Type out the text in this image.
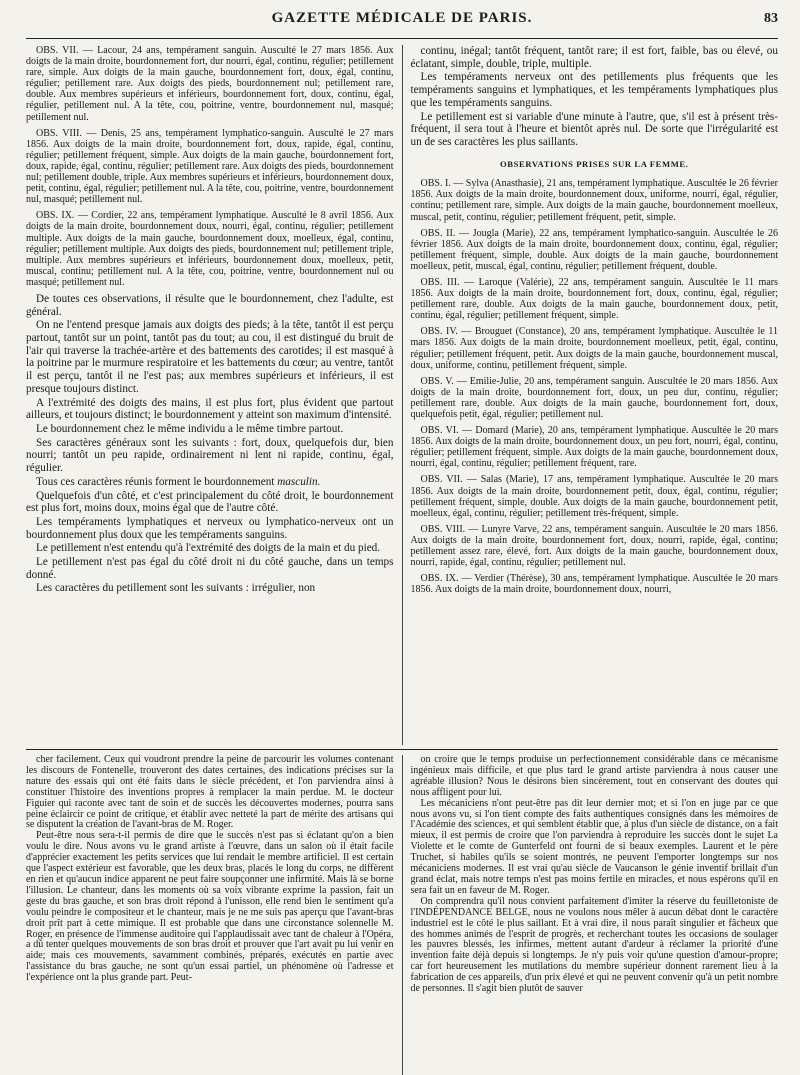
GAZETTE MÉDICALE DE PARIS.	83

OBS. VII. — Lacour, 24 ans, tempérament sanguin. Ausculté le 27 mars 1856. Aux doigts de la main droite, bourdonnement fort, dur nourri, égal, continu, régulier; petillement rare, simple. Aux doigts de la main gauche, bourdonnement fort, doux, égal, continu, régulier; petillement rare. Aux doigts des pieds, bourdonnement nul; petillement rare, double. Aux membres supérieurs et inférieurs, bourdonnement fort, doux, continu, égal, régulier, petillement nul. A la tête, cou, poitrine, ventre, bourdonnement nul, masqué; petillement nul.

OBS. VIII. — Denis, 25 ans, tempérament lymphatico-sanguin. Ausculté le 27 mars 1856. Aux doigts de la main droite, bourdonnement fort, doux, rapide, égal, continu, régulier; petillement fréquent, simple. Aux doigts de la main gauche, bourdonnement fort, doux, rapide, égal, continu, régulier; petillement rare. Aux doigts des pieds, bourdonnement nul; petillement double, triple. Aux membres supérieurs et inférieurs, bourdonnement doux, petit, continu, égal, régulier; petillement nul. A la tête, cou, poitrine, ventre, bourdonnement nul, masqué; petillement nul.

OBS. IX. — Cordier, 22 ans, tempérament lymphatique. Ausculté le 8 avril 1856. Aux doigts de la main droite, bourdonnement doux, nourri, égal, continu, régulier; petillement multiple. Aux doigts de la main gauche, bourdonnement doux, moelleux, égal, continu, régulier; petillement multiple. Aux doigts des pieds, bourdonnement nul; petillement triple, multiple. Aux membres supérieurs et inférieurs, bourdonnement doux, moelleux, petit, muscal, continu; petillement nul. A la tête, cou, poitrine, ventre, bourdonnement nul ou masqué; petillement nul.

De toutes ces observations, il résulte que le bourdonnement, chez l'adulte, est général.

On ne l'entend presque jamais aux doigts des pieds; à la tête, tantôt il est perçu partout, tantôt sur un point, tantôt pas du tout; au cou, il est distingué du bruit de l'air qui traverse la trachée-artère et des battements des carotides; il est masqué à la poitrine par le murmure respiratoire et les battements du cœur; au ventre, tantôt il est perçu, tantôt il ne l'est pas; aux membres supérieurs et inférieurs, il est presque toujours distinct.

A l'extrémité des doigts des mains, il est plus fort, plus évident que partout ailleurs, et toujours distinct; le bourdonnement y atteint son maximum d'intensité.

Le bourdonnement chez le même individu a le même timbre partout.

Ses caractères généraux sont les suivants : fort, doux, quelquefois dur, bien nourri; tantôt un peu rapide, ordinairement ni lent ni rapide, continu, égal, régulier.

Tous ces caractères réunis forment le bourdonnement masculin.

Quelquefois d'un côté, et c'est principalement du côté droit, le bourdonnement est plus fort, moins doux, moins égal que de l'autre côté.

Les tempéraments lymphatiques et nerveux ou lymphatico-nerveux ont un bourdonnement plus doux que les tempéraments sanguins.

Le petillement n'est entendu qu'à l'extrémité des doigts de la main et du pied.

Le petillement n'est pas égal du côté droit ni du côté gauche, dans un temps donné.

Les caractères du petillement sont les suivants : irrégulier, non

continu, inégal; tantôt fréquent, tantôt rare; il est fort, faible, bas ou élevé, ou éclatant, simple, double, triple, multiple.

Les tempéraments nerveux ont des petillements plus fréquents que les tempéraments sanguins et lymphatiques, et les tempéraments lymphatiques plus que les tempéraments sanguins.

Le petillement est si variable d'une minute à l'autre, que, s'il est à présent très-fréquent, il sera tout à l'heure et bientôt après nul. De sorte que l'irrégularité est un de ses caractères les plus saillants.

OBSERVATIONS PRISES SUR LA FEMME.

OBS. I. — Sylva (Anasthasie), 21 ans, tempérament lymphatique. Auscultée le 26 février 1856. Aux doigts de la main droite, bourdonnement doux, uniforme, nourri, égal, régulier, continu; petillement rare, simple. Aux doigts de la main gauche, bourdonnement moelleux, muscal, petit, continu, régulier; petillement fréquent, petit, simple.

OBS. II. — Jougla (Marie), 22 ans, tempérament lymphatico-sanguin. Auscultée le 26 février 1856. Aux doigts de la main droite, bourdonnement doux, continu, égal, régulier; petillement fréquent, simple, double. Aux doigts de la main gauche, bourdonnement moelleux, petit, muscal, égal, continu, régulier; petillement fréquent, double.

OBS. III. — Laroque (Valérie), 22 ans, tempérament sanguin. Auscultée le 11 mars 1856. Aux doigts de la main droite, bourdonnement fort, doux, continu, égal, régulier; petillement rare, double. Aux doigts de la main gauche, bourdonnement doux, petit, continu, égal, régulier; petillement fréquent, simple.

OBS. IV. — Brouguet (Constance), 20 ans, tempérament lymphatique. Auscultée le 11 mars 1856. Aux doigts de la main droite, bourdonnement moelleux, petit, égal, continu, régulier; petillement fréquent, petit. Aux doigts de la main gauche, bourdonnement muscal, doux, uniforme, continu, petillement fréquent, simple.

OBS. V. — Emilie-Julie, 20 ans, tempérament sanguin. Auscultée le 20 mars 1856. Aux doigts de la main droite, bourdonnement fort, doux, un peu dur, continu, régulier; petillement rare, double. Aux doigts de la main gauche, bourdonnement fort, doux, quelquefois petit, égal, régulier; petillement nul.

OBS. VI. — Domard (Marie), 20 ans, tempérament lymphatique. Auscultée le 20 mars 1856. Aux doigts de la main droite, bourdonnement doux, un peu fort, nourri, égal, continu, régulier; petillement fréquent, simple. Aux doigts de la main gauche, bourdonnement doux, nourri, égal, continu, régulier; petillement fréquent, rare.

OBS. VII. — Salas (Marie), 17 ans, tempérament lymphatique. Auscultée le 20 mars 1856. Aux doigts de la main droite, bourdonnement petit, doux, égal, continu, régulier; petillement fréquent, simple, double. Aux doigts de la main gauche, bourdonnement petit, moelleux, égal, continu, régulier; petillement très-fréquent, simple.

OBS. VIII. — Lunyre Varve, 22 ans, tempérament sanguin. Auscultée le 20 mars 1856. Aux doigts de la main droite, bourdonnement fort, doux, nourri, rapide, égal, continu; petillement assez rare, élevé, fort. Aux doigts de la main gauche, bourdonnement doux, nourri, rapide, égal, continu, régulier; petillement nul.

OBS. IX. — Verdier (Thérèse), 30 ans, tempérament lymphatique. Auscultée le 20 mars 1856. Aux doigts de la main droite, bourdonnement doux, nourri,

cher facilement. Ceux qui voudront prendre la peine de parcourir les volumes contenant les discours de Fontenelle, trouveront des dates certaines, des indications précises sur la nature des essais qui ont été faits dans le siècle précédent, et l'on parviendra ainsi à constituer l'histoire des inventions propres à remplacer la main perdue. M. le docteur Figuier qui raconte avec tant de soin et de succès les découvertes modernes, pourra sans peine éclaircir ce point de critique, et établir avec netteté la part de mérite des artisans qui se disputent la création de l'avant-bras de M. Roger.

Peut-être nous sera-t-il permis de dire que le succès n'est pas si éclatant qu'on a bien voulu le dire. Nous avons vu le grand artiste à l'œuvre, dans un salon où il était facile d'apprécier exactement les petits services que lui rendait le membre artificiel. Il est certain que l'aspect extérieur est favorable, que les deux bras, placés le long du corps, ne diffèrent en rien et qu'aucun indice apparent ne peut faire soupçonner une infirmité. Mais là se borne l'illusion. Le chanteur, dans les moments où sa voix vibrante exprime la passion, fait un geste du bras gauche, et son bras droit répond à l'unisson, elle rend bien le sentiment qu'a voulu peindre le compositeur et le chanteur, mais je ne me suis pas aperçu que l'avant-bras droit prît part à cette mimique. Il est probable que dans une circonstance solennelle M. Roger, en présence de l'immense auditoire qui l'applaudissait avec tant de chaleur à l'Opéra, a dû tenter quelques mouvements de son bras droit et prouver que l'art avait pu lui venir en aide; mais ces mouvements, savamment combinés, préparés, exécutés en partie avec l'assistance du bras gauche, ne sont qu'un essai partiel, un phénomène où l'adresse et l'expérience ont la plus grande part. Peut-

on croire que le temps produise un perfectionnement considérable dans ce mécanisme ingénieux mais difficile, et que plus tard le grand artiste parviendra à nous causer une agréable illusion? Nous le désirons bien sincèrement, tout en conservant des doutes qui nous affligent pour lui.

Les mécaniciens n'ont peut-être pas dit leur dernier mot; et si l'on en juge par ce que nous avons vu, si l'on tient compte des faits authentiques consignés dans les mémoires de l'Académie des sciences, et qui semblent établir que, à plus d'un siècle de distance, on a fait mieux, il est permis de croire que l'on parviendra à reproduire les succès dont le sujet La Violette et le comte de Gunterfeld ont fourni de si beaux exemples. Laurent et le père Truchet, si habiles qu'ils se soient montrés, ne peuvent l'emporter longtemps sur nos mécaniciens modernes. Il est vrai qu'au siècle de Vaucanson le génie inventif brillait d'un grand éclat, mais notre temps n'est pas moins fertile en miracles, et nous espérons qu'il en sera fait un en faveur de M. Roger.

On comprendra qu'il nous convient parfaitement d'imiter la réserve du feuilletoniste de l'INDÉPENDANCE BELGE, nous ne voulons nous mêler à aucun débat dont le caractère industriel est le côté le plus saillant. Et à vrai dire, il nous paraît singulier et fâcheux que des hommes animés de l'esprit de progrès, et recherchant toutes les occasions de soulager les pauvres blessés, les infirmes, mettent autant d'ardeur à réclamer la priorité d'une invention faite déjà depuis si longtemps. Je n'y puis voir qu'une question d'amour-propre; car fort heureusement les mutilations du membre supérieur donnent rarement lieu à la fabrication de ces appareils, d'un prix élevé et qui ne peuvent convenir qu'à un petit nombre de personnes. Il s'agit bien plutôt de sauver
